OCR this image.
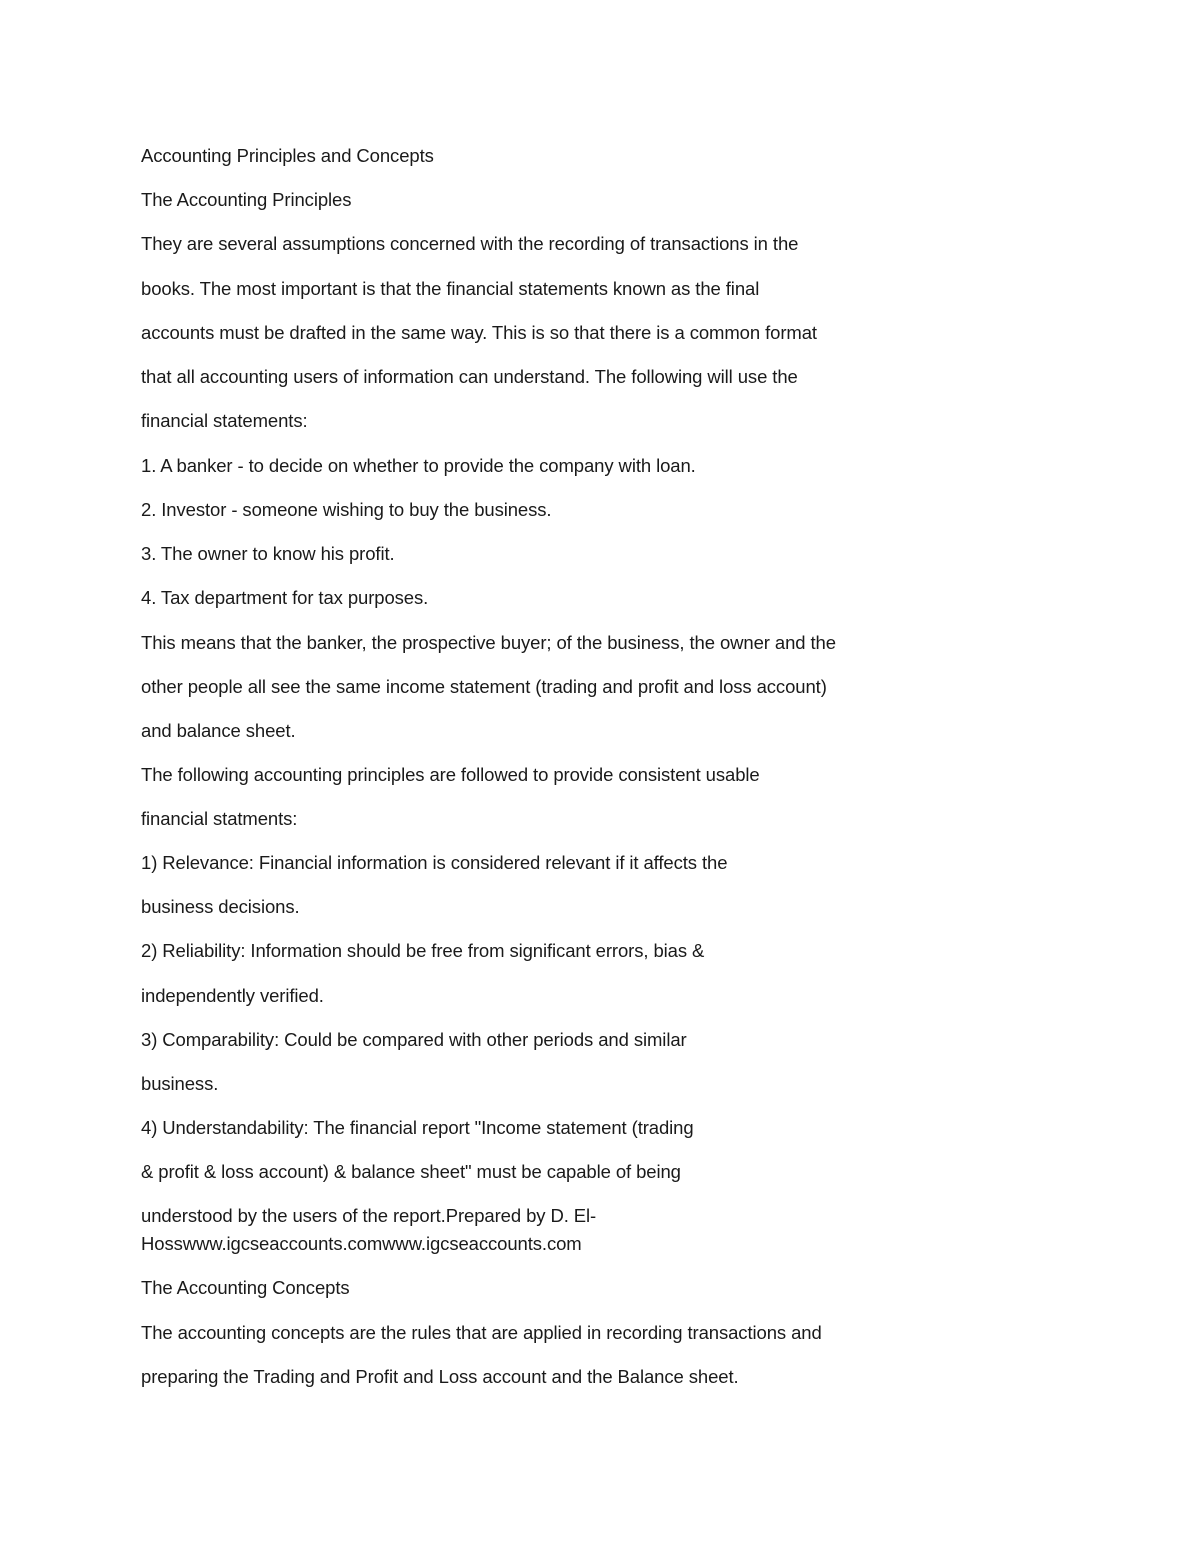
Accounting Principles and Concepts
The Accounting Principles
They are several assumptions concerned with the recording of transactions in the
books. The most important is that the financial statements known as the final
accounts must be drafted in the same way. This is so that there is a common format
that all accounting users of information can understand. The following will use the
financial statements:
1. A banker - to decide on whether to provide the company with loan.
2. Investor - someone wishing to buy the business.
3. The owner to know his profit.
4. Tax department for tax purposes.
This means that the banker, the prospective buyer; of the business, the owner and the
other people all see the same income statement (trading and profit and loss account)
and balance sheet.
The following accounting principles are followed to provide consistent usable
financial statments:
1) Relevance: Financial information is considered relevant if it affects the
business decisions.
2) Reliability: Information should be free from significant errors, bias &
independently verified.
3) Comparability: Could be compared with other periods and similar
business.
4) Understandability: The financial report "Income statement (trading
& profit & loss account) & balance sheet" must be capable of being
understood by the users of the report.Prepared by D. El-
Hosswww.igcseaccounts.comwww.igcseaccounts.com
The Accounting Concepts
The accounting concepts are the rules that are applied in recording transactions and
preparing the Trading and Profit and Loss account and the Balance sheet.
